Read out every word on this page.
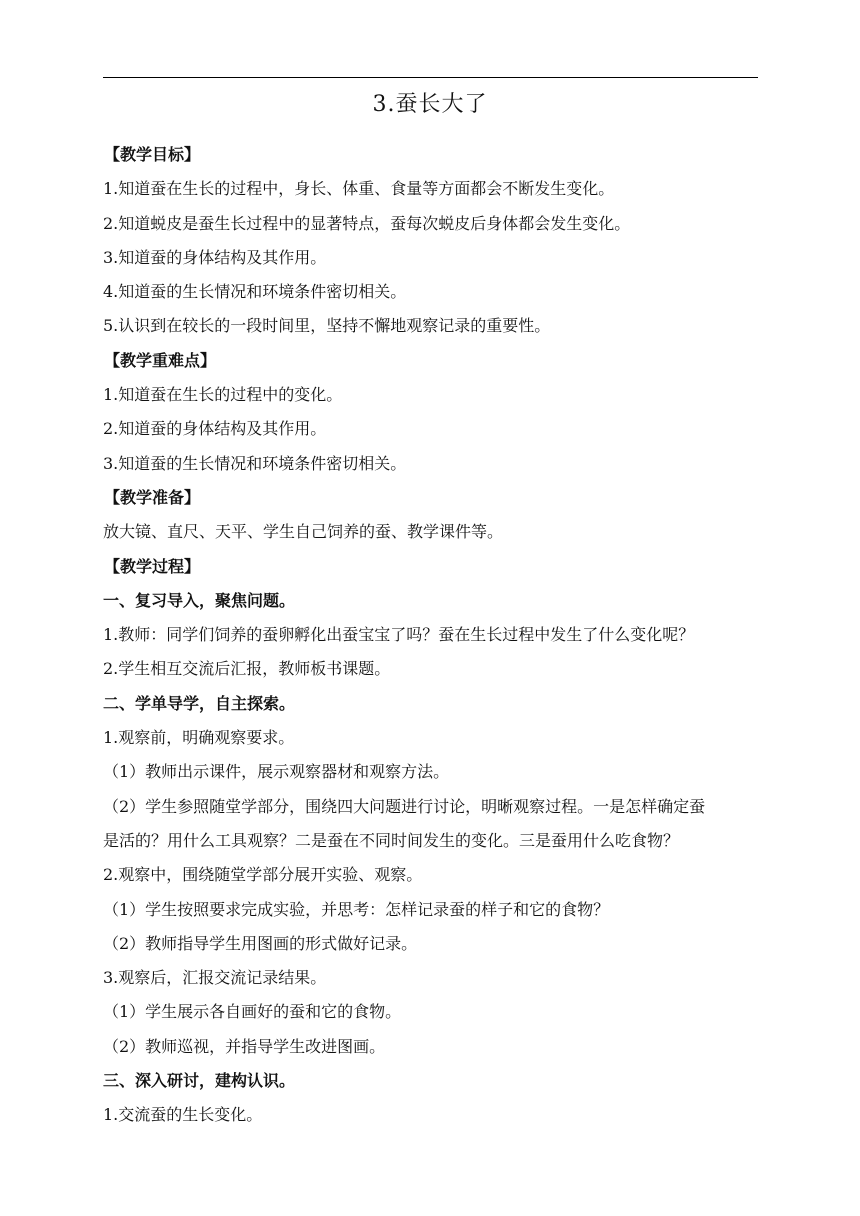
3.蚕长大了
【教学目标】
1.知道蚕在生长的过程中，身长、体重、食量等方面都会不断发生变化。
2.知道蜕皮是蚕生长过程中的显著特点，蚕每次蜕皮后身体都会发生变化。
3.知道蚕的身体结构及其作用。
4.知道蚕的生长情况和环境条件密切相关。
5.认识到在较长的一段时间里，坚持不懈地观察记录的重要性。
【教学重难点】
1.知道蚕在生长的过程中的变化。
2.知道蚕的身体结构及其作用。
3.知道蚕的生长情况和环境条件密切相关。
【教学准备】
放大镜、直尺、天平、学生自己饲养的蚕、教学课件等。
【教学过程】
一、复习导入，聚焦问题。
1.教师：同学们饲养的蚕卵孵化出蚕宝宝了吗？蚕在生长过程中发生了什么变化呢？
2.学生相互交流后汇报，教师板书课题。
二、学单导学，自主探索。
1.观察前，明确观察要求。
（1）教师出示课件，展示观察器材和观察方法。
（2）学生参照随堂学部分，围绕四大问题进行讨论，明晰观察过程。一是怎样确定蚕
是活的？用什么工具观察？二是蚕在不同时间发生的变化。三是蚕用什么吃食物？
2.观察中，围绕随堂学部分展开实验、观察。
（1）学生按照要求完成实验，并思考：怎样记录蚕的样子和它的食物？
（2）教师指导学生用图画的形式做好记录。
3.观察后，汇报交流记录结果。
（1）学生展示各自画好的蚕和它的食物。
（2）教师巡视，并指导学生改进图画。
三、深入研讨，建构认识。
1.交流蚕的生长变化。
